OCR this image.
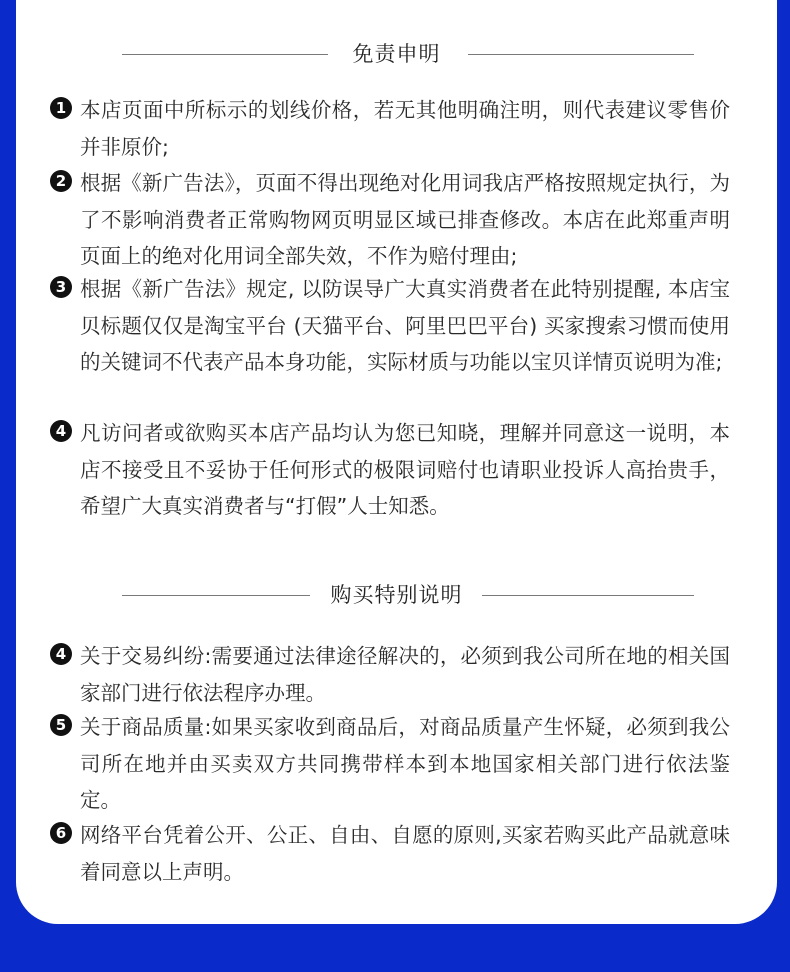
免责申明
1 本店页面中所标示的划线价格，若无其他明确注明，则代表建议零售价并非原价;
2 根据《新广告法》，页面不得出现绝对化用词我店严格按照规定执行，为了不影响消费者正常购物网页明显区域已排查修改。本店在此郑重声明页面上的绝对化用词全部失效，不作为赔付理由;
3 根据《新广告法》规定, 以防误导广大真实消费者在此特别提醒, 本店宝贝标题仅仅是淘宝平台 (天猫平台、阿里巴巴平台) 买家搜索习惯而使用的关键词不代表产品本身功能，实际材质与功能以宝贝详情页说明为准;
4 凡访问者或欲购买本店产品均认为您已知晓，理解并同意这一说明，本店不接受且不妥协于任何形式的极限词赔付也请职业投诉人高抬贵手，希望广大真实消费者与“打假”人士知悉。
购买特别说明
4 关于交易纠纷:需要通过法律途径解决的，必须到我公司所在地的相关国家部门进行依法程序办理。
5 关于商品质量:如果买家收到商品后，对商品质量产生怀疑，必须到我公司所在地并由买卖双方共同携带样本到本地国家相关部门进行依法鉴定。
6 网络平台凭着公开、公正、自由、自愿的原则,买家若购买此产品就意味着同意以上声明。
